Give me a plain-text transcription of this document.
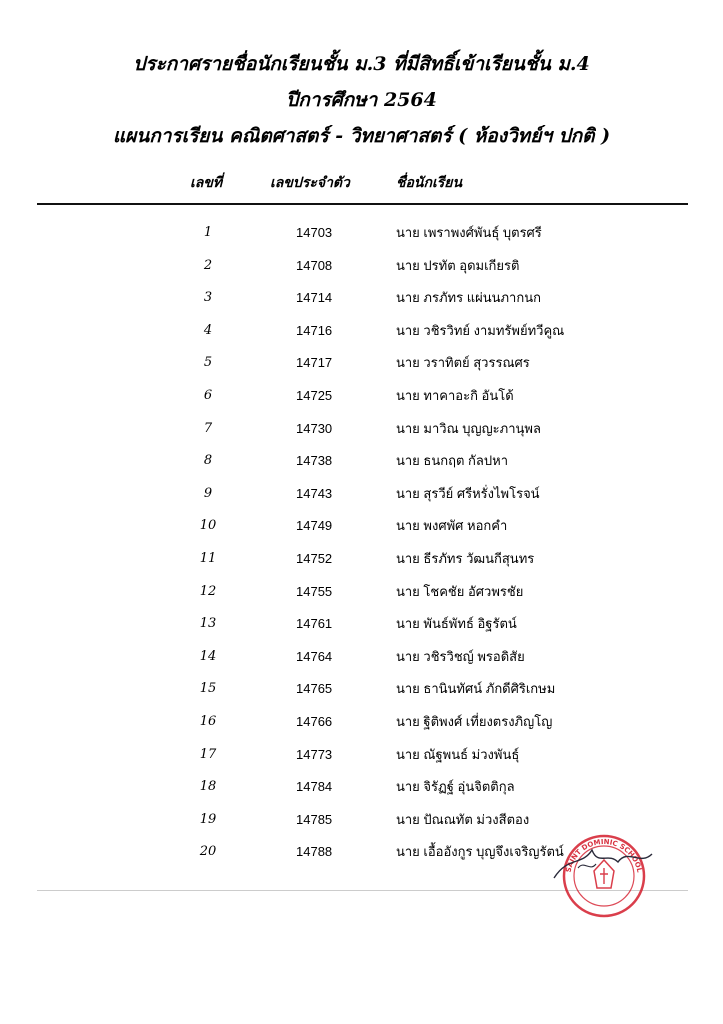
ประกาศรายชื่อนักเรียนชั้น ม.3 ที่มีสิทธิ์เข้าเรียนชั้น ม.4
ปีการศึกษา 2564
แผนการเรียน คณิตศาสตร์ - วิทยาศาสตร์ ( ห้องวิทย์ฯ ปกติ )
เลขที่	เลขประจำตัว	ชื่อนักเรียน
1	14703	นาย เพราพงศ์พันธุ์ บุตรศรี
2	14708	นาย ปรทัต อุดมเกียรติ
3	14714	นาย ภรภัทร แผ่นนภากนก
4	14716	นาย วชิรวิทย์ งามทรัพย์ทวีคูณ
5	14717	นาย วราทิตย์ สุวรรณศร
6	14725	นาย ทาคาอะกิ อันโด้
7	14730	นาย มาวิณ บุญญะภานุพล
8	14738	นาย ธนกฤต กัลปหา
9	14743	นาย สุรวีย์ ศรีหรั่งไพโรจน์
10	14749	นาย พงศพัศ หอกคำ
11	14752	นาย ธีรภัทร วัฒนกีสุนทร
12	14755	นาย โชคชัย อัศวพรชัย
13	14761	นาย พันธ์พัทธ์ อิฐรัตน์
14	14764	นาย วชิรวิชญ์ พรอดิสัย
15	14765	นาย ธานินทัศน์ ภักดีศิริเกษม
16	14766	นาย ฐิติพงศ์ เที่ยงตรงภิญโญ
17	14773	นาย ณัฐพนธ์ ม่วงพันธุ์
18	14784	นาย จิรัฏฐ์ อุ่นจิตติกุล
19	14785	นาย ปัณณทัต ม่วงสีตอง
20	14788	นาย เอื้ออังกูร บุญจึงเจริญรัตน์
SAINT DOMINIC SCHOOL
